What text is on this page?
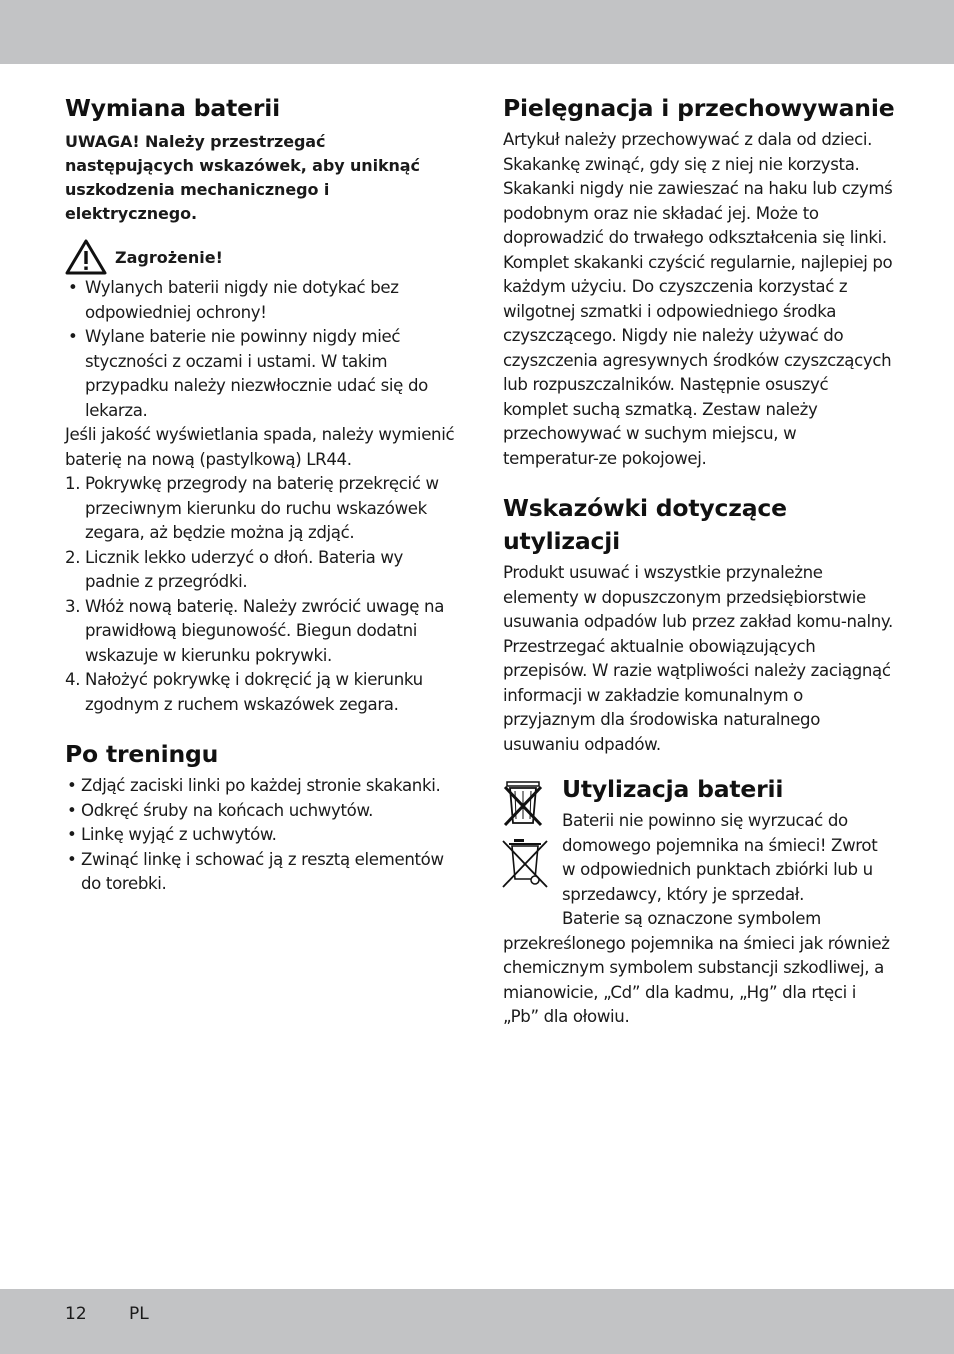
Wymiana baterii

UWAGA! Należy przestrzegać następujących wskazówek, aby uniknąć uszkodzenia mechanicznego i elektrycznego.

Zagrożenie!
• Wylanych baterii nigdy nie dotykać bez odpowiedniej ochrony!
• Wylane baterie nie powinny nigdy mieć styczności z oczami i ustami. W takim przypadku należy niezwłocznie udać się do lekarza.

Jeśli jakość wyświetlania spada, należy wymienić baterię na nową (pastylkową) LR44.

1. Pokrywkę przegrody na baterię przekręcić w przeciwnym kierunku do ruchu wskazówek zegara, aż będzie można ją zdjąć.
2. Licznik lekko uderzyć o dłoń. Bateria wy padnie z przegródki.
3. Włóż nową baterię. Należy zwrócić uwagę na prawidłową biegunowość. Biegun dodatni wskazuje w kierunku pokrywki.
4. Nałożyć pokrywkę i dokręcić ją w kierunku zgodnym z ruchem wskazówek zegara.
Po treningu
• Zdjąć zaciski linki po każdej stronie skakanki.
• Odkręć śruby na końcach uchwytów.
• Linkę wyjąć z uchwytów.
• Zwinąć linkę i schować ją z resztą elementów do torebki.
Pielęgnacja i przechowywanie

Artykuł należy przechowywać z dala od dzieci. Skakankę zwinąć, gdy się z niej nie korzysta. Skakanki nigdy nie zawieszać na haku lub czymś podobnym oraz nie składać jej. Może to doprowadzić do trwałego odkształcenia się linki.

Komplet skakanki czyścić regularnie, najlepiej po każdym użyciu. Do czyszczenia korzystać z wilgotnej szmatki i odpowiedniego środka czyszczącego. Nigdy nie należy używać do czyszczenia agresywnych środków czyszczących lub rozpuszczalników. Następnie osuszyć komplet suchą szmatką. Zestaw należy przechowywać w suchym miejscu, w temperatur-ze pokojowej.

Wskazówki dotyczące utylizacji

Produkt usuwać i wszystkie przynależne elementy w dopuszczonym przedsiębiorstwie usuwania odpadów lub przez zakład komu-nalny. Przestrzegać aktualnie obowiązujących przepisów. W razie wątpliwości należy zaciągnąć informacji w zakładzie komunalnym o przyjaznym dla środowiska naturalnego usuwaniu odpadów.

Utylizacja baterii

Baterii nie powinno się wyrzucać do domowego pojemnika na śmieci! Zwrot w odpowiednich punktach zbiórki lub u sprzedawcy, który je sprzedał.

Baterie są oznaczone symbolem

przekreślonego pojemnika na śmieci jak również chemicznym symbolem substancji szkodliwej, a mianowicie, „Cd” dla kadmu, „Hg” dla rtęci i „Pb” dla ołowiu.

12 PL
